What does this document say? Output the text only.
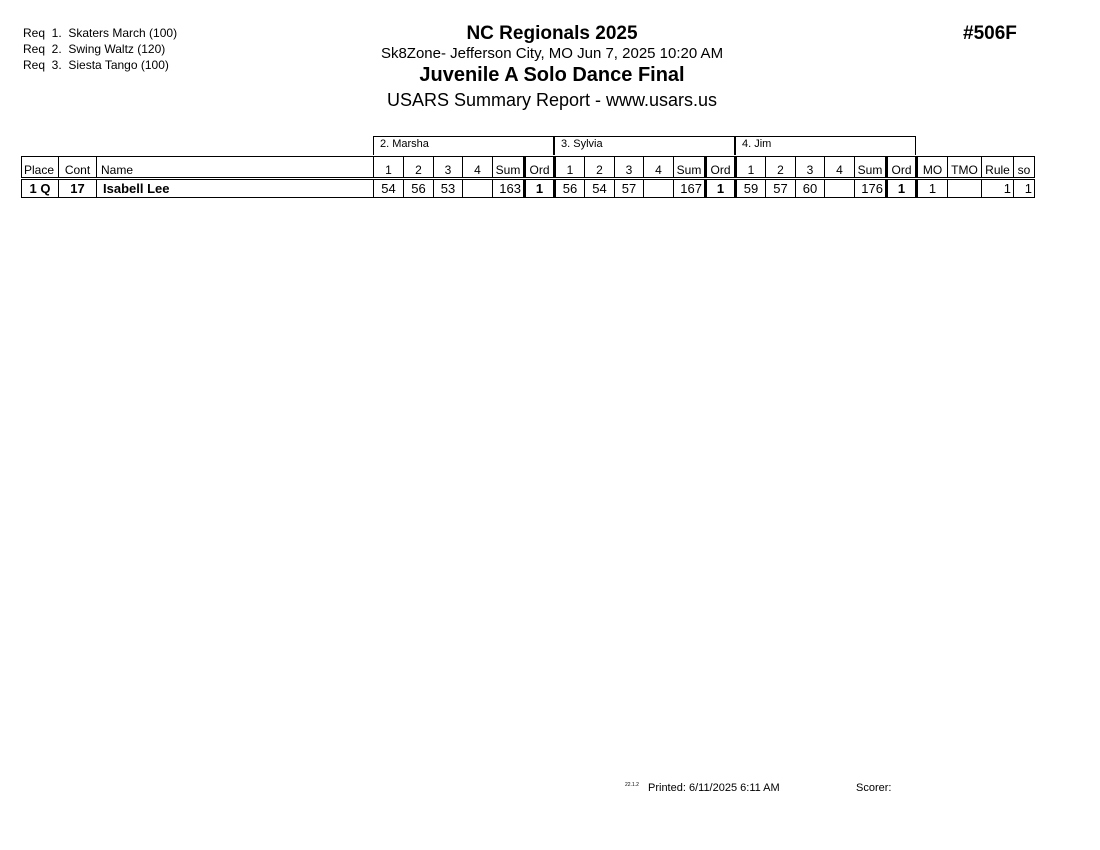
Req  1.  Skaters March (100)
Req  2.  Swing Waltz (120)
Req  3.  Siesta Tango (100)
NC Regionals 2025
Sk8Zone- Jefferson City, MO Jun 7, 2025 10:20 AM
Juvenile A Solo Dance Final
USARS Summary Report - www.usars.us
#506F
2. Marsha	3. Sylvia	4. Jim
Place	Cont	Name	1	2	3	4	Sum	Ord	1	2	3	4	Sum	Ord	1	2	3	4	Sum	Ord	MO	TMO	Rule	so
1 Q	17	Isabell Lee	54	56	53		163	1	56	54	57		167	1	59	57	60		176	1	1		1	1
22.1.2 Printed: 6/11/2025 6:11 AM	Scorer:
